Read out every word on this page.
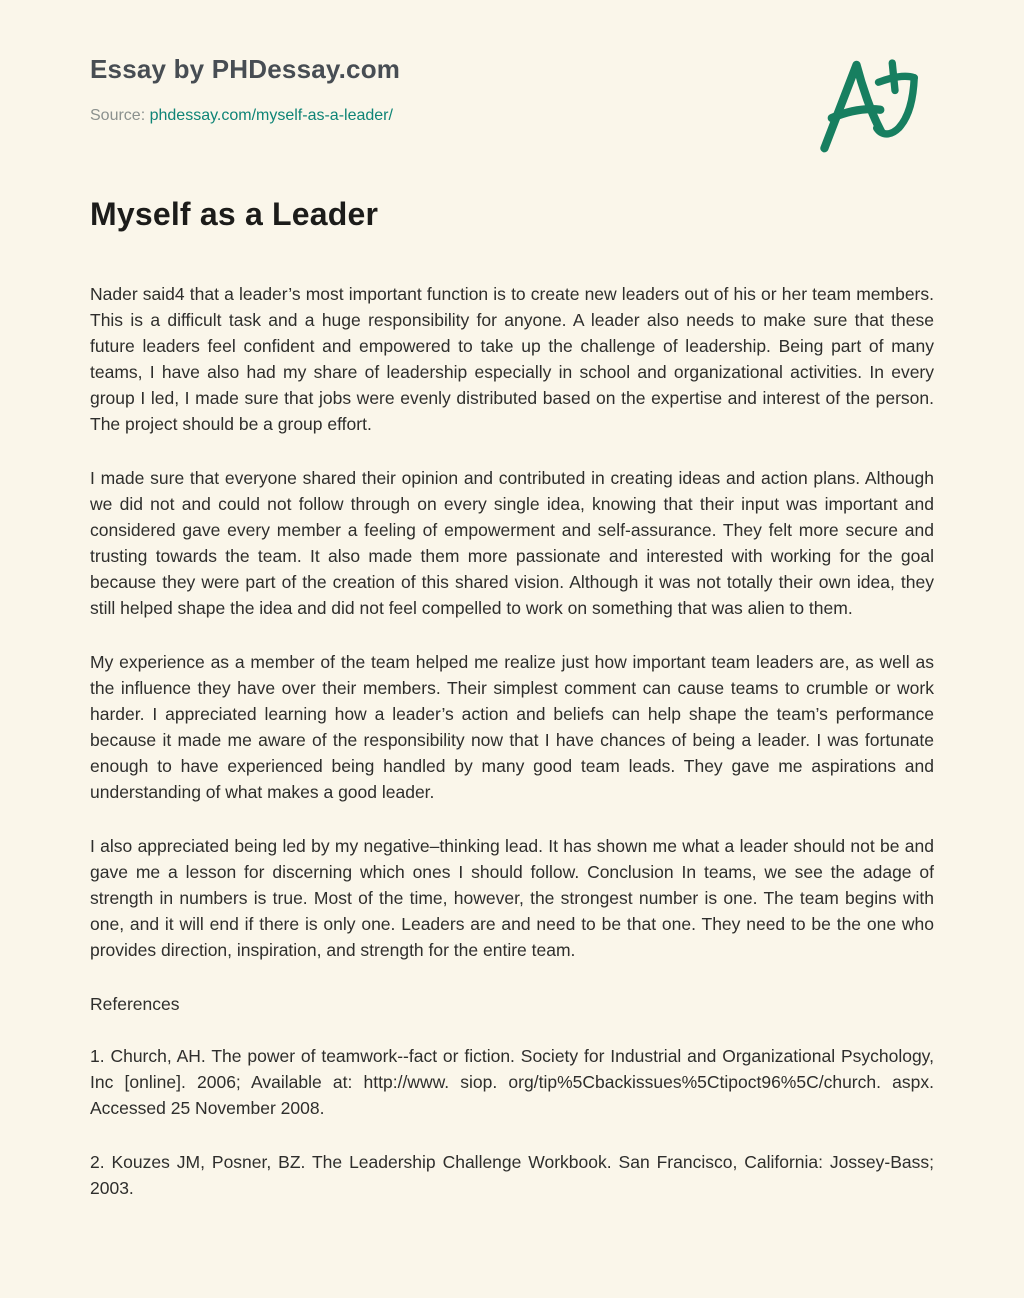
Essay by PHDessay.com
Source: phdessay.com/myself-as-a-leader/
Myself as a Leader

Nader said4 that a leader’s most important function is to create new leaders out of his or her team members. This is a difficult task and a huge responsibility for anyone. A leader also needs to make sure that these future leaders feel confident and empowered to take up the challenge of leadership. Being part of many teams, I have also had my share of leadership especially in school and organizational activities. In every group I led, I made sure that jobs were evenly distributed based on the expertise and interest of the person. The project should be a group effort.

I made sure that everyone shared their opinion and contributed in creating ideas and action plans. Although we did not and could not follow through on every single idea, knowing that their input was important and considered gave every member a feeling of empowerment and self-assurance. They felt more secure and trusting towards the team. It also made them more passionate and interested with working for the goal because they were part of the creation of this shared vision. Although it was not totally their own idea, they still helped shape the idea and did not feel compelled to work on something that was alien to them.

My experience as a member of the team helped me realize just how important team leaders are, as well as the influence they have over their members. Their simplest comment can cause teams to crumble or work harder. I appreciated learning how a leader’s action and beliefs can help shape the team’s performance because it made me aware of the responsibility now that I have chances of being a leader. I was fortunate enough to have experienced being handled by many good team leads. They gave me aspirations and understanding of what makes a good leader.

I also appreciated being led by my negative–thinking lead. It has shown me what a leader should not be and gave me a lesson for discerning which ones I should follow. Conclusion In teams, we see the adage of strength in numbers is true. Most of the time, however, the strongest number is one. The team begins with one, and it will end if there is only one. Leaders are and need to be that one. They need to be the one who provides direction, inspiration, and strength for the entire team.

References

1. Church, AH. The power of teamwork--fact or fiction. Society for Industrial and Organizational Psychology, Inc [online]. 2006; Available at: http://www. siop. org/tip%5Cbackissues%5Ctipoct96%5C/church. aspx. Accessed 25 November 2008.

2. Kouzes JM, Posner, BZ. The Leadership Challenge Workbook. San Francisco, California: Jossey-Bass; 2003.
